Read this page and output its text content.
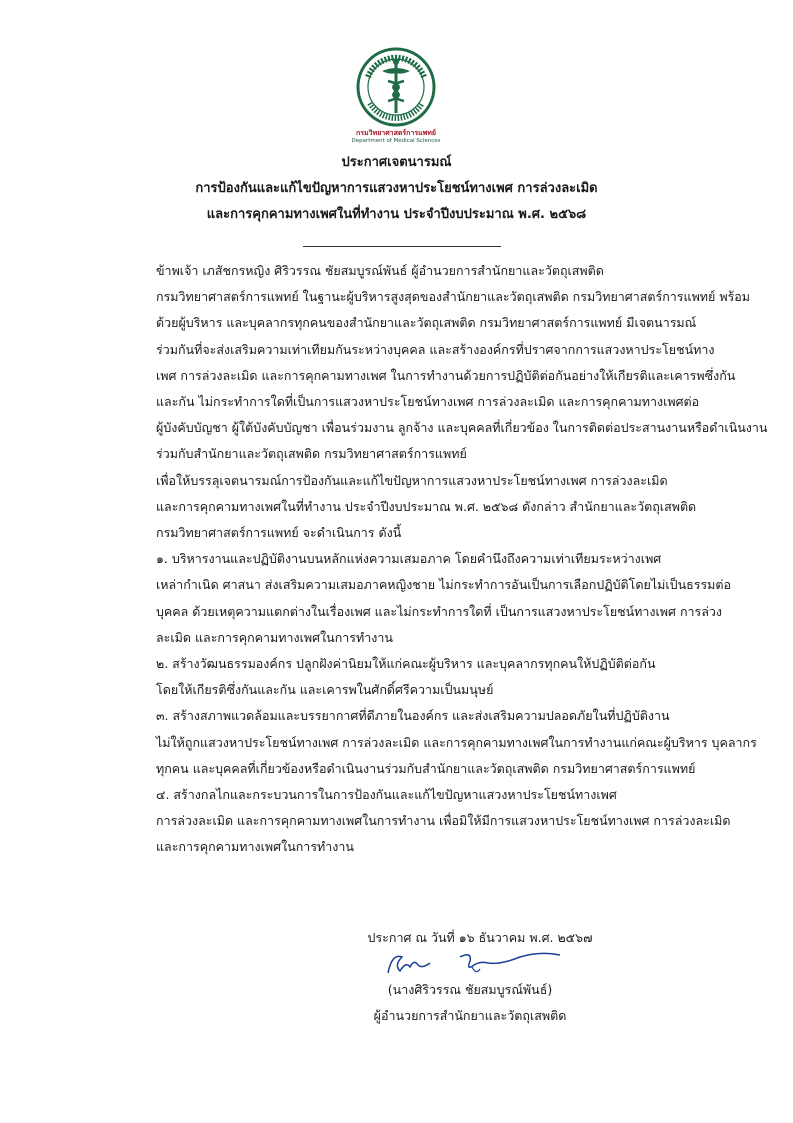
กรมวิทยาศาสตร์การแพทย์
Department of Medical Sciences
ประกาศเจตนารมณ์
การป้องกันและแก้ไขปัญหาการแสวงหาประโยชน์ทางเพศ การล่วงละเมิด
และการคุกคามทางเพศในที่ทำงาน ประจำปีงบประมาณ พ.ศ. ๒๕๖๘

ข้าพเจ้า เภสัชกรหญิง ศิริวรรณ ชัยสมบูรณ์พันธ์ ผู้อำนวยการสำนักยาและวัตถุเสพติด
กรมวิทยาศาสตร์การแพทย์ ในฐานะผู้บริหารสูงสุดของสำนักยาและวัตถุเสพติด กรมวิทยาศาสตร์การแพทย์ พร้อม
ด้วยผู้บริหาร และบุคลากรทุกคนของสำนักยาและวัตถุเสพติด กรมวิทยาศาสตร์การแพทย์ มีเจตนารมณ์
ร่วมกันที่จะส่งเสริมความเท่าเทียมกันระหว่างบุคคล และสร้างองค์กรที่ปราศจากการแสวงหาประโยชน์ทาง
เพศ การล่วงละเมิด และการคุกคามทางเพศ ในการทำงานด้วยการปฏิบัติต่อกันอย่างให้เกียรติและเคารพซึ่งกัน
และกัน ไม่กระทำการใดที่เป็นการแสวงหาประโยชน์ทางเพศ การล่วงละเมิด และการคุกคามทางเพศต่อ
ผู้บังคับบัญชา ผู้ใต้บังคับบัญชา เพื่อนร่วมงาน ลูกจ้าง และบุคคลที่เกี่ยวข้อง ในการติดต่อประสานงานหรือดำเนินงาน
ร่วมกับสำนักยาและวัตถุเสพติด กรมวิทยาศาสตร์การแพทย์

เพื่อให้บรรลุเจตนารมณ์การป้องกันและแก้ไขปัญหาการแสวงหาประโยชน์ทางเพศ การล่วงละเมิด
และการคุกคามทางเพศในที่ทำงาน ประจำปีงบประมาณ พ.ศ. ๒๕๖๘ ดังกล่าว สำนักยาและวัตถุเสพติด
กรมวิทยาศาสตร์การแพทย์ จะดำเนินการ ดังนี้

๑. บริหารงานและปฏิบัติงานบนหลักแห่งความเสมอภาค โดยคำนึงถึงความเท่าเทียมระหว่างเพศ
เหล่ากำเนิด ศาสนา ส่งเสริมความเสมอภาคหญิงชาย ไม่กระทำการอันเป็นการเลือกปฏิบัติโดยไม่เป็นธรรมต่อ
บุคคล ด้วยเหตุความแตกต่างในเรื่องเพศ และไม่กระทำการใดที่ เป็นการแสวงหาประโยชน์ทางเพศ การล่วง
ละเมิด และการคุกคามทางเพศในการทำงาน

๒. สร้างวัฒนธรรมองค์กร ปลูกฝังค่านิยมให้แก่คณะผู้บริหาร และบุคลากรทุกคนให้ปฏิบัติต่อกัน
โดยให้เกียรติซึ่งกันและกัน และเคารพในศักดิ์ศรีความเป็นมนุษย์

๓. สร้างสภาพแวดล้อมและบรรยากาศที่ดีภายในองค์กร และส่งเสริมความปลอดภัยในที่ปฏิบัติงาน
ไม่ให้ถูกแสวงหาประโยชน์ทางเพศ การล่วงละเมิด และการคุกคามทางเพศในการทำงานแก่คณะผู้บริหาร บุคลากร
ทุกคน และบุคคลที่เกี่ยวข้องหรือดำเนินงานร่วมกับสำนักยาและวัตถุเสพติด กรมวิทยาศาสตร์การแพทย์

๔. สร้างกลไกและกระบวนการในการป้องกันและแก้ไขปัญหาแสวงหาประโยชน์ทางเพศ
การล่วงละเมิด และการคุกคามทางเพศในการทำงาน เพื่อมิให้มีการแสวงหาประโยชน์ทางเพศ การล่วงละเมิด
และการคุกคามทางเพศในการทำงาน

ประกาศ ณ วันที่ ๑๖ ธันวาคม พ.ศ. ๒๕๖๗
(นางศิริวรรณ ชัยสมบูรณ์พันธ์)
ผู้อำนวยการสำนักยาและวัตถุเสพติด
